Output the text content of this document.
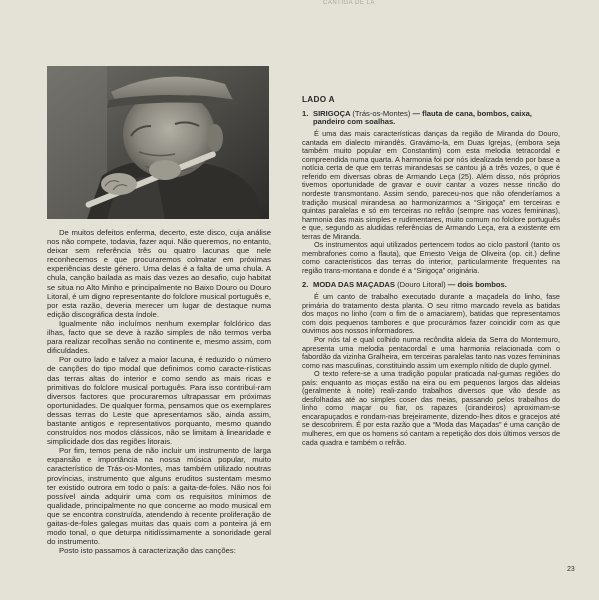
CANTIGA DE LA

De muitos defeitos enferma, decerto, este disco, cuja análise nos não compete, todavia, fazer aqui. Não queremos, no entanto, deixar sem referência três ou quatro lacunas que nele reconhecemos e que procuraremos colmatar em próximas experiências deste género. Uma delas é a falta de uma chula. A chula, canção bailada as mais das vezes ao desafio, cujo habitat se situa no Alto Minho e principalmente no Baixo Douro ou Douro Litoral, é um digno representante do folclore musical português e, por esta razão, deveria merecer um lugar de destaque numa edição discográfica desta índole.

Igualmente não incluímos nenhum exemplar folclórico das ilhas, facto que se deve à razão simples de não termos verba para realizar recolhas senão no continente e, mesmo assim, com dificuldades.

Por outro lado e talvez a maior lacuna, é reduzido o número de canções do tipo modal que definimos como caracte-rísticas das terras altas do interior e como sendo as mais ricas e primitivas do folclore musical português. Para isso contribuí-ram diversos factores que procuraremos ultrapassar em próximas oportunidades. De qualquer forma, pensamos que os exemplares dessas terras do Leste que apresentamos são, ainda assim, bastante antigos e representativos porquanto, mesmo quando construídos nos modos clássicos, não se limitam à linearidade e simplicidade dos das regiões litorais.

Por fim, temos pena de não incluir um instrumento de larga expansão e importância na nossa música popular, muito característico de Trás-os-Montes, mas também utilizado noutras províncias, instrumento que alguns eruditos sustentam mesmo ter existido outrora em todo o país: a gaita-de-foles. Não nos foi possível ainda adquirir uma com os requisitos mínimos de qualidade, principalmente no que concerne ao modo musical em que se encontra construída, atendendo à recente proliferação de gaitas-de-foles galegas muitas das quais com a ponteira já em modo tonal, o que deturpa nitidíssimamente a sonoridade geral do instrumento.

Posto isto passamos à caracterização das canções:

LADO A
1. SIRIGOÇA (Trás-os-Montes) — flauta de cana, bombos, caixa, pandeiro com soalhas.

É uma das mais características danças da região de Miranda do Douro, cantada em dialecto mirandês. Gravámo-la, em Duas Igrejas, (embora seja também muito popular em Constantim) com esta melodia tetracordal e compreendida numa quarta. A harmonia foi por nós idealizada tendo por base a notícia certa de que em terras mirandesas se cantou já a três vozes, o que é referido em diversas obras de Armando Leça (25). Além disso, nós próprios tivemos oportunidade de gravar e ouvir cantar a vozes nesse rincão do nordeste transmontano. Assim sendo, pareceu-nos que não ofenderíamos a tradição musical mirandesa ao harmonizarmos a “Sirigoça” em terceiras e quintas paralelas e só em terceiras no refrão (sempre nas vozes femininas), harmonia das mais simples e rudimentares, muito comum no folclore português e que, segundo as aludidas referências de Armando Leça, era a existente em terras de Miranda.

Os instrumentos aqui utilizados pertencem todos ao ciclo pastoril (tanto os membrafones como a flauta), que Ernesto Veiga de Oliveira (op. cit.) define como característicos das terras do interior, particularmente frequentes na região trans-montana e donde é a “Sirigoça” originária.

2. MODA DAS MAÇADAS (Douro Litoral) — dois bombos.

É um canto de trabalho executado durante a maçadela do linho, fase primária do tratamento desta planta. O seu ritmo marcado revela as batidas dos maços no linho (com o fim de o amaciarem), batidas que representamos com dois pequenos tambores e que procurámos fazer coincidir com as que ouvimos aos nossos informadores.

Por nós tal e qual colhido numa recôndita aldeia da Serra do Montemuro, apresenta uma melodia pentacordal e uma harmonia relacionada com o fabordão da vizinha Gralheira, em terceiras paralelas tanto nas vozes femininas como nas masculinas, constituindo assim um exemplo nítido de duplo gymel.

O texto refere-se a uma tradição popular praticada nal-gumas regiões do país: enquanto as moças estão na eira ou em pequenos largos das aldeias (geralmente à noite) reali-zando trabalhos diversos que vão desde as desfolhadas até ao simples coser das meias, passando pelos trabalhos do linho como maçar ou fiar, os rapazes (cirandeiros) aproximam-se encarapuçados e rondam-nas brejeiramente, dizendo-lhes ditos e gracejos até se descobrirem. É por esta razão que a “Moda das Maçadas” é uma canção de mulheres, em que os homens só cantam a repetição dos dois últimos versos de cada quadra e também o refrão.

23
